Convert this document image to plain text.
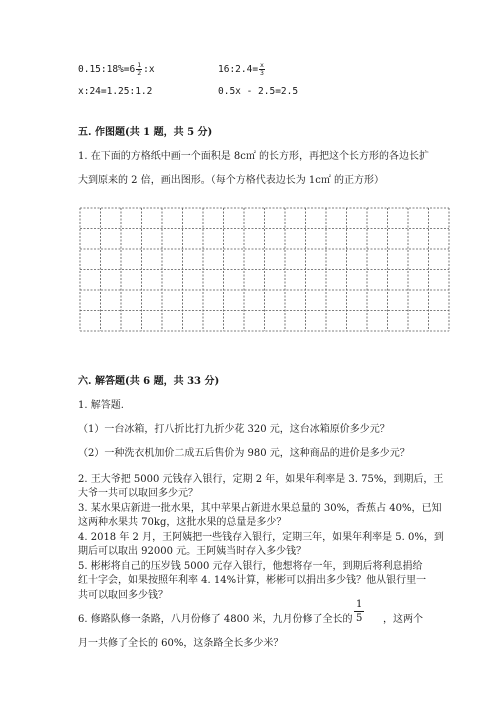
0.15:18%=6 $\frac{1}{2}$ :x	16:2.4= $\frac{x}{3}$
x:24=1.25:1.2	0.5x - 2.5=2.5
五. 作图题(共 1 题，共 5 分)
1. 在下面的方格纸中画一个面积是 8c㎡ 的长方形，再把这个长方形的各边长扩
大到原来的 2 倍，画出图形。（每个方格代表边长为 1c㎡ 的正方形）
六. 解答题(共 6 题，共 33 分)
1. 解答题.
（1）一台冰箱，打八折比打九折少花 320 元，这台冰箱原价多少元？
（2）一种洗衣机加价二成五后售价为 980 元，这种商品的进价是多少元？
2. 王大爷把 5000 元钱存入银行，定期 2 年，如果年利率是 3. 75%，到期后，王
大爷一共可以取回多少元？
3. 某水果店新进一批水果，其中苹果占新进水果总量的 30%，香蕉占 40%，已知
这两种水果共 70kg，这批水果的总量是多少？
4. 2018 年 2 月，王阿姨把一些钱存入银行，定期三年，如果年利率是 5. 0%，到
期后可以取出 92000 元。王阿姨当时存入多少钱？
5. 彬彬将自己的压岁钱 5000 元存入银行，他想将存一年，到期后将利息捐给
红十字会，如果按照年利率 4. 14%计算，彬彬可以捐出多少钱？他从银行里一
共可以取回多少钱？
6. 修路队修一条路，八月份修了 4800 米，九月份修了全长的 $\frac{1}{5}$ ，这两个
月一共修了全长的 60%，这条路全长多少米？
